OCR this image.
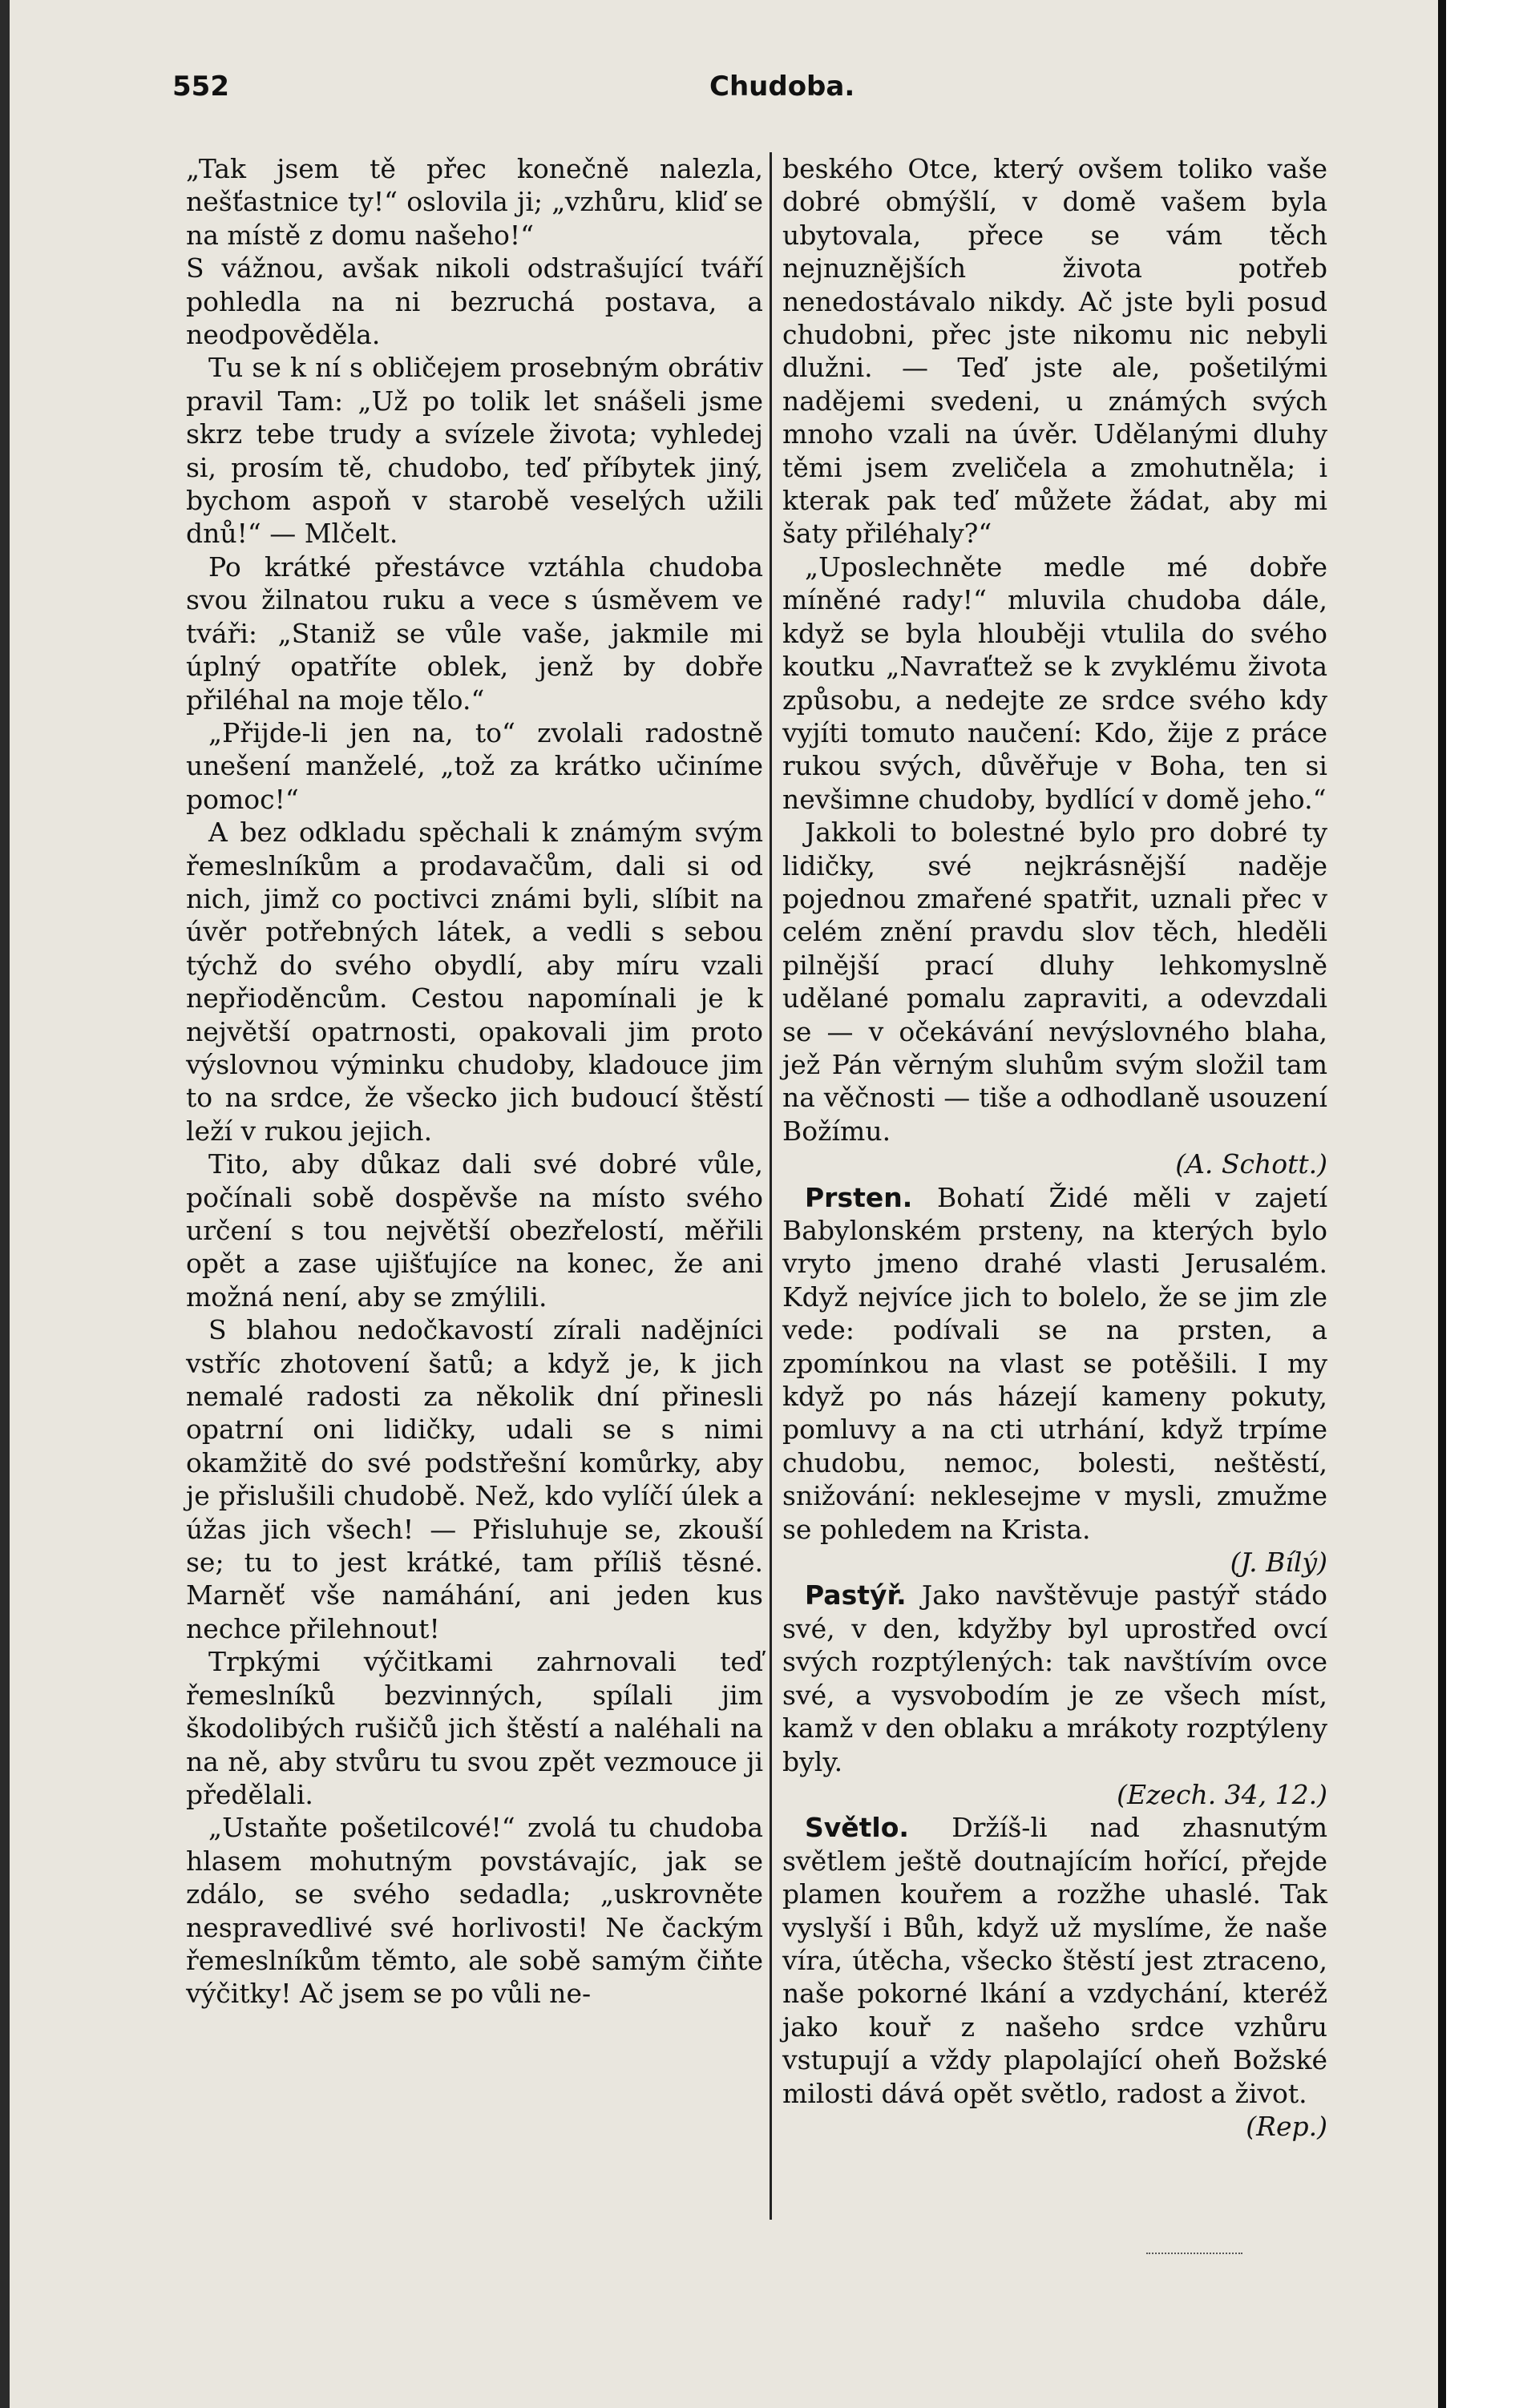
552	Chudoba.

„Tak jsem tě přec konečně nalezla, nešťastnice ty!“ oslovila ji; „vzhůru, kliď se na místě z domu našeho!“

S vážnou, avšak nikoli odstrašující tváří pohledla na ni bezruchá postava, a neodpověděla.

Tu se k ní s obličejem prosebným obrátiv pravil Tam: „Už po tolik let snášeli jsme skrz tebe trudy a svízele života; vyhledej si, prosím tě, chudobo, teď příbytek jiný, bychom aspoň v starobě veselých užili dnů!“ — Mlčelt.

Po krátké přestávce vztáhla chudoba svou žilnatou ruku a vece s úsměvem ve tváři: „Staniž se vůle vaše, jakmile mi úplný opatříte oblek, jenž by dobře přiléhal na moje tělo.“

„Přijde-li jen na, to“ zvolali radostně unešení manželé, „tož za krátko učiníme pomoc!“

A bez odkladu spěchali k známým svým řemeslníkům a prodavačům, dali si od nich, jimž co poctivci známi byli, slíbit na úvěr potřebných látek, a vedli s sebou týchž do svého obydlí, aby míru vzali nepřioděncům. Cestou napomínali je k největší opatrnosti, opakovali jim proto výslovnou výminku chudoby, kladouce jim to na srdce, že všecko jich budoucí štěstí leží v rukou jejich.

Tito, aby důkaz dali své dobré vůle, počínali sobě dospěvše na místo svého určení s tou největší obezřelostí, měřili opět a zase ujišťujíce na konec, že ani možná není, aby se zmýlili.

S blahou nedočkavostí zírali nadějníci vstříc zhotovení šatů; a když je, k jich nemalé radosti za několik dní přinesli opatrní oni lidičky, udali se s nimi okamžitě do své podstřešní komůrky, aby je přislušili chudobě. Než, kdo vylíčí úlek a úžas jich všech! — Přisluhuje se, zkouší se; tu to jest krátké, tam příliš těsné. Marněť vše namáhání, ani jeden kus nechce přilehnout!

Trpkými výčitkami zahrnovali teď řemeslníků bezvinných, spílali jim škodolibých rušičů jich štěstí a naléhali na na ně, aby stvůru tu svou zpět vezmouce ji předělali.

„Ustaňte pošetilcové!“ zvolá tu chudoba hlasem mohutným povstávajíc, jak se zdálo, se svého sedadla; „uskrovněte nespravedlivé své horlivosti! Ne čackým řemeslníkům těmto, ale sobě samým čiňte výčitky! Ač jsem se po vůli ne-

beského Otce, který ovšem toliko vaše dobré obmýšlí, v domě vašem byla ubytovala, přece se vám těch nejnuznějších života potřeb nenedostávalo nikdy. Ač jste byli posud chudobni, přec jste nikomu nic nebyli dlužni. — Teď jste ale, pošetilými nadějemi svedeni, u známých svých mnoho vzali na úvěr. Udělanými dluhy těmi jsem zveličela a zmohutněla; i kterak pak teď můžete žádat, aby mi šaty přiléhaly?“

„Uposlechněte medle mé dobře míněné rady!“ mluvila chudoba dále, když se byla hlouběji vtulila do svého koutku „Navraťtež se k zvyklému života způsobu, a nedejte ze srdce svého kdy vyjíti tomuto naučení: Kdo, žije z práce rukou svých, důvěřuje v Boha, ten si nevšimne chudoby, bydlící v domě jeho.“

Jakkoli to bolestné bylo pro dobré ty lidičky, své nejkrásnější naděje pojednou zmařené spatřit, uznali přec v celém znění pravdu slov těch, hleděli pilnější prací dluhy lehkomyslně udělané pomalu zapraviti, a odevzdali se — v očekávání nevýslovného blaha, jež Pán věrným sluhům svým složil tam na věčnosti — tiše a odhodlaně usouzení Božímu.

(A. Schott.)

Prsten. Bohatí Židé měli v zajetí Babylonském prsteny, na kterých bylo vryto jmeno drahé vlasti Jerusalém. Když nejvíce jich to bolelo, že se jim zle vede: podívali se na prsten, a zpomínkou na vlast se potěšili. I my když po nás házejí kameny pokuty, pomluvy a na cti utrhání, když trpíme chudobu, nemoc, bolesti, neštěstí, snižování: neklesejme v mysli, zmužme se pohledem na Krista.

(J. Bílý)

Pastýř. Jako navštěvuje pastýř stádo své, v den, kdyžby byl uprostřed ovcí svých rozptýlených: tak navštívím ovce své, a vysvobodím je ze všech míst, kamž v den oblaku a mrákoty rozptýleny byly.

(Ezech. 34, 12.)

Světlo. Držíš-li nad zhasnutým světlem ještě doutnajícím hořící, přejde plamen kouřem a rozžhe uhaslé. Tak vyslyší i Bůh, když už myslíme, že naše víra, útěcha, všecko štěstí jest ztraceno, naše pokorné lkání a vzdychání, kteréž jako kouř z našeho srdce vzhůru vstupují a vždy plapolající oheň Božské milosti dává opět světlo, radost a život.

(Rep.)
